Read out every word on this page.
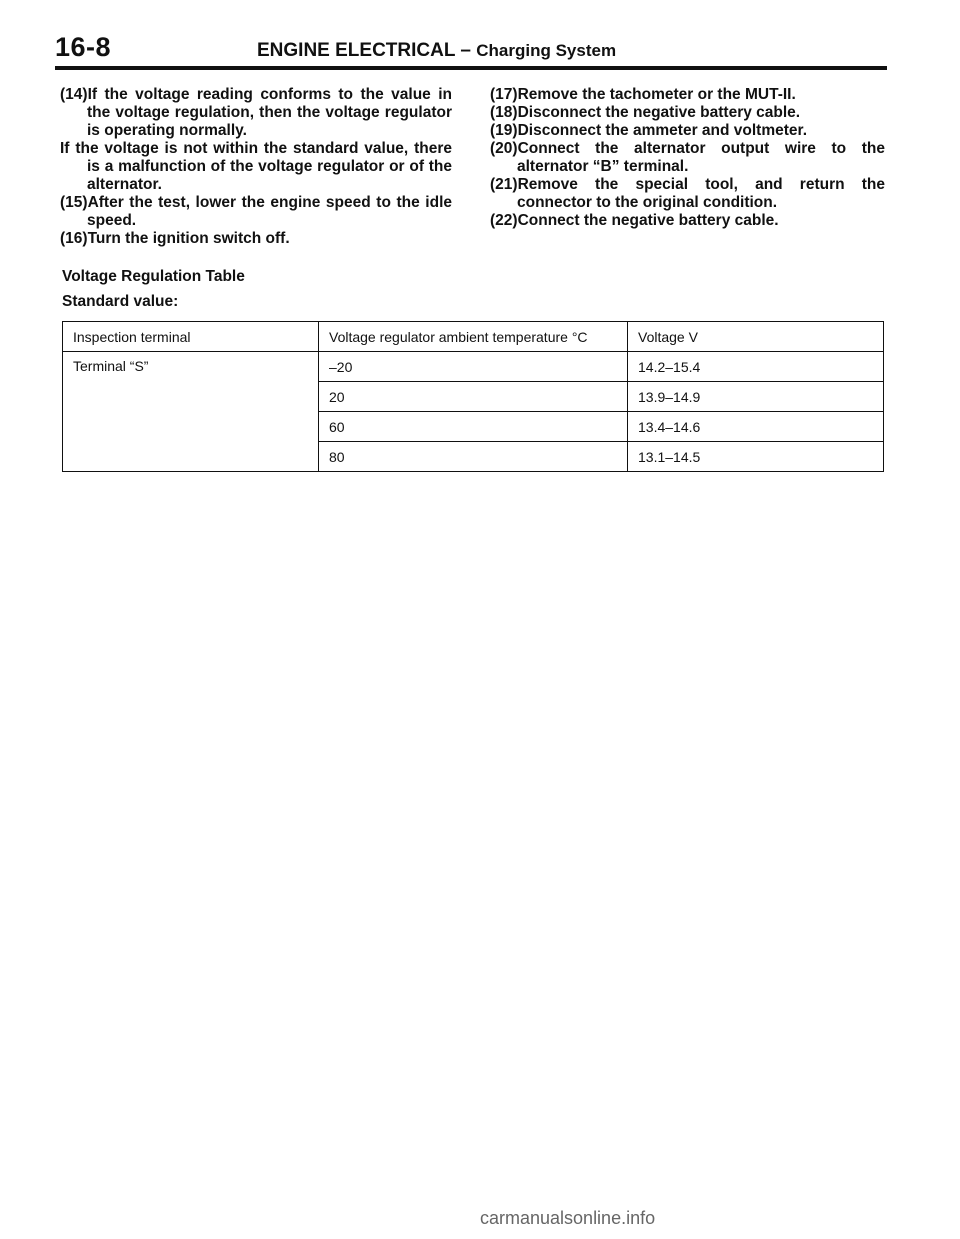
16-8	ENGINE ELECTRICAL – Charging System

(14)If the voltage reading conforms to the value in the voltage regulation, then the voltage regulator is operating normally.
If the voltage is not within the standard value, there is a malfunction of the voltage regulator or of the alternator.

(15)After the test, lower the engine speed to the idle speed.

(16)Turn the ignition switch off.

(17)Remove the tachometer or the MUT-II.

(18)Disconnect the negative battery cable.

(19)Disconnect the ammeter and voltmeter.

(20)Connect the alternator output wire to the alternator “B” terminal.

(21)Remove the special tool, and return the connector to the original condition.

(22)Connect the negative battery cable.

Voltage Regulation Table
Standard value:
Inspection terminal	Voltage regulator ambient temperature °C	Voltage V
Terminal “S”	–20	14.2–15.4
	20	13.9–14.9
	60	13.4–14.6
	80	13.1–14.5
carmanualsonline.info
